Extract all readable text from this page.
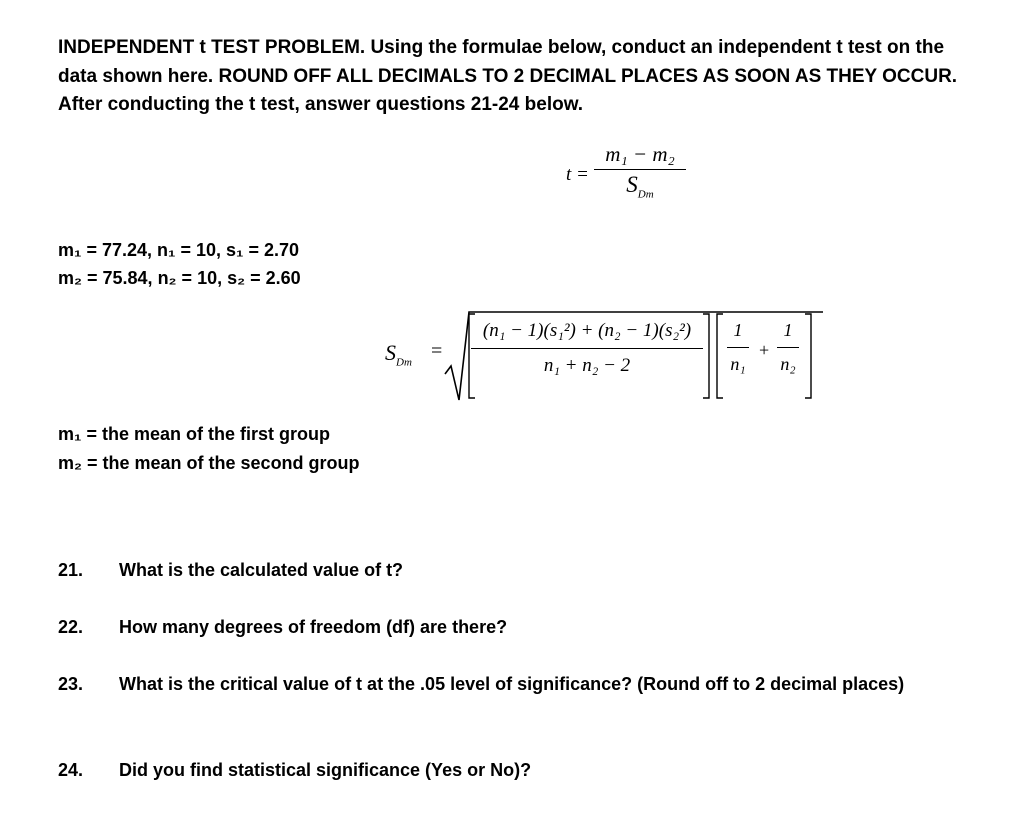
INDEPENDENT t TEST PROBLEM. Using the formulae below, conduct an independent t test on the data shown here. ROUND OFF ALL DECIMALS TO 2 DECIMAL PLACES AS SOON AS THEY OCCUR. After conducting the t test, answer questions 21-24 below.
t =
m₁ − m₂
$S_{Dm}$
m₁ = 77.24, n₁ = 10, s₁ = 2.70
m₂ = 75.84, n₂ = 10, s₂ = 2.60
$S_{Dm}$
=
(n₁ − 1)(s₁²) + (n₂ − 1)(s₂²)
n₁ + n₂ − 2
1
n₁
+
1
n₂
m₁ = the mean of the first group
m₂ = the mean of the second group
21. What is the calculated value of t?
22. How many degrees of freedom (df) are there?
23. What is the critical value of t at the .05 level of significance? (Round off to 2 decimal places)
24. Did you find statistical significance (Yes or No)?
